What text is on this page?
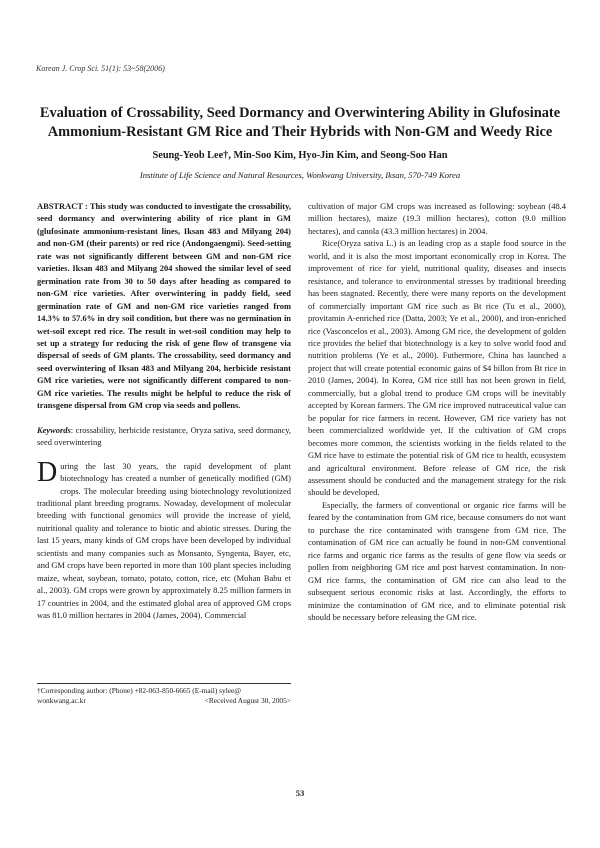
Korean J. Crop Sci. 51(1): 53~58(2006)
Evaluation of Crossability, Seed Dormancy and Overwintering Ability in Glufosinate
Ammonium-Resistant GM Rice and Their Hybrids with Non-GM and Weedy Rice
Seung-Yeob Lee†, Min-Soo Kim, Hyo-Jin Kim, and Seong-Soo Han
Institute of Life Science and Natural Resources, Wonkwang University, Iksan, 570-749 Korea

ABSTRACT : This study was conducted to investigate the crossability, seed dormancy and overwintering ability of rice plant in GM (glufosinate ammonium-resistant lines, Iksan 483 and Milyang 204) and non-GM (their parents) or red rice (Andongaengmi). Seed-setting rate was not significantly different between GM and non-GM rice varieties. Iksan 483 and Milyang 204 showed the similar level of seed germination rate from 30 to 50 days after heading as compared to non-GM rice varieties. After overwintering in paddy field, seed germination rate of GM and non-GM rice varieties ranged from 14.3% to 57.6% in dry soil condition, but there was no germination in wet-soil except red rice. The result in wet-soil condition may help to set up a strategy for reducing the risk of gene flow of transgene via dispersal of seeds of GM plants. The crossability, seed dormancy and seed overwintering of Iksan 483 and Milyang 204, herbicide resistant GM rice varieties, were not significantly different compared to non-GM rice varieties. The results might be helpful to reduce the risk of transgene dispersal from GM crop via seeds and pollens.

Keywords: crossability, herbicide resistance, Oryza sativa, seed dormancy, seed overwintering

During the last 30 years, the rapid development of plant biotechnology has created a number of genetically modified (GM) crops. The molecular breeding using biotechnology revolutionized traditional plant breeding programs. Nowaday, development of molecular breeding with functional genomics will provide the increase of yield, nutritional quality and tolerance to biotic and abiotic stresses. During the last 15 years, many kinds of GM crops have been developed by individual scientists and many companies such as Monsanto, Syngenta, Bayer, etc, and GM crops have been reported in more than 100 plant species including maize, wheat, soybean, tomato, potato, cotton, rice, etc (Mohan Babu et al., 2003). GM crops were grown by approximately 8.25 million farmers in 17 countries in 2004, and the estimated global area of approved GM crops was 81.0 million hectares in 2004 (James, 2004). Commercial

†Corresponding author: (Phone) +82-063-850-6665 (E-mail) sylee@
wonkwang.ac.kr	<Received August 30, 2005>

cultivation of major GM crops was increased as following: soybean (48.4 million hectares), maize (19.3 million hectares), cotton (9.0 million hectares), and canola (43.3 million hectares) in 2004.

Rice(Oryza sativa L.) is an leading crop as a staple food source in the world, and it is also the most important economically crop in Korea. The improvement of rice for yield, nutritional quality, diseases and insects resistance, and tolerance to environmental stresses by traditional breeding has been stagnated. Recently, there were many reports on the development of commercially important GM rice such as Bt rice (Tu et al., 2000), provitamin A-enriched rice (Datta, 2003; Ye et al., 2000), and iron-enriched rice (Vasconcelos et al., 2003). Among GM rice, the development of golden rice provides the belief that biotechnology is a key to solve world food and nutrition problems (Ye et al., 2000). Futhermore, China has launched a project that will create potential economic gains of $4 billon from Bt rice in 2010 (James, 2004). In Korea, GM rice still has not been grown in field, commercially, but a global trend to produce GM crops will be inevitably accepted by Korean farmers. The GM rice improved nutraceutical value can be popular for rice farmers in recent. However, GM rice variety has not been commercialized worldwide yet. If the cultivation of GM crops becomes more common, the scientists working in the fields related to the GM rice have to estimate the potential risk of GM rice to health, ecosystem and agricultural environment. Before release of GM rice, the risk assessment should be conducted and the management strategy for the risk should be developed.

Especially, the farmers of conventional or organic rice farms will be feared by the contamination from GM rice, because consumers do not want to purchase the rice contaminated with transgene from GM rice. The contamination of GM rice can actually be found in non-GM conventional rice farms and organic rice farms as the results of gene flow via seeds or pollen from neighboring GM rice and post harvest contamination. In non-GM rice farms, the contamination of GM rice can also lead to the subsequent serious economic risks at last. Accordingly, the efforts to minimize the contamination of GM rice, and to eliminate potential risk should be necessary before releasing the GM rice.

53
